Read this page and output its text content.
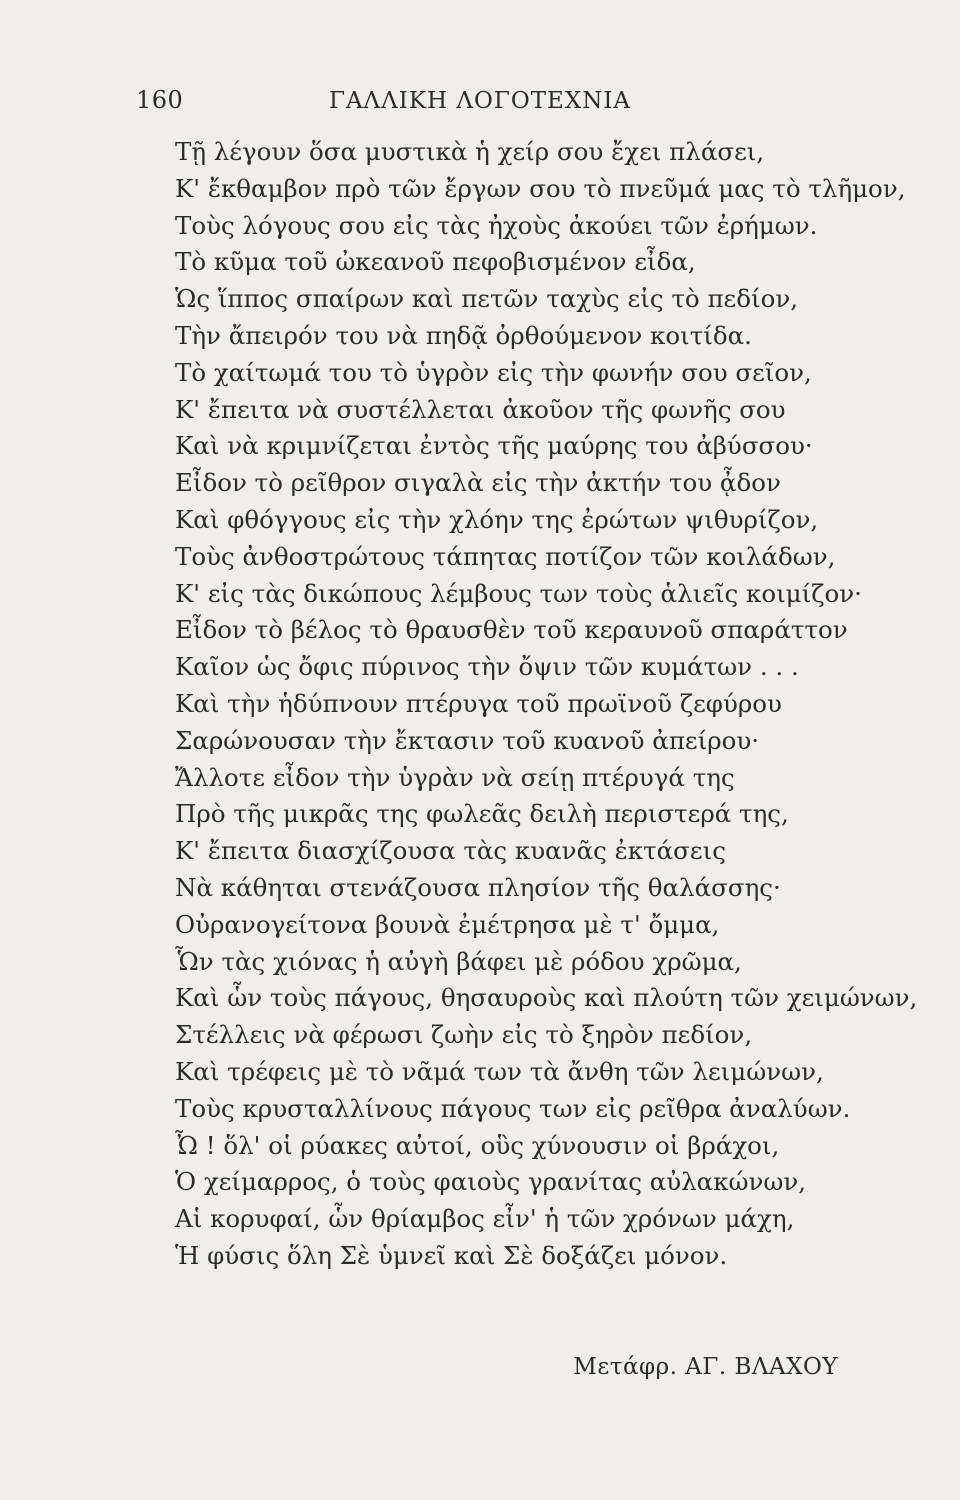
160	ΓΑΛΛΙΚΗ ΛΟΓΟΤΕΧΝΙΑ
Τῇ λέγουν ὅσα μυστικὰ ἡ χείρ σου ἔχει πλάσει,
Κ' ἔκθαμβον πρὸ τῶν ἔργων σου τὸ πνεῦμά μας τὸ τλῆμον,
Τοὺς λόγους σου εἰς τὰς ἠχοὺς ἀκούει τῶν ἐρήμων.
Τὸ κῦμα τοῦ ὠκεανοῦ πεφοβισμένον εἶδα,
Ὡς ἵππος σπαίρων καὶ πετῶν ταχὺς εἰς τὸ πεδίον,
Τὴν ἄπειρόν του νὰ πηδᾷ ὀρθούμενον κοιτίδα.
Τὸ χαίτωμά του τὸ ὑγρὸν εἰς τὴν φωνήν σου σεῖον,
Κ' ἔπειτα νὰ συστέλλεται ἀκοῦον τῆς φωνῆς σου
Καὶ νὰ κριμνίζεται ἐντὸς τῆς μαύρης του ἀβύσσου·
Εἶδον τὸ ρεῖθρον σιγαλὰ εἰς τὴν ἀκτήν του ᾆδον
Καὶ φθόγγους εἰς τὴν χλόην της ἐρώτων ψιθυρίζον,
Τοὺς ἀνθοστρώτους τάπητας ποτίζον τῶν κοιλάδων,
Κ' εἰς τὰς δικώπους λέμβους των τοὺς ἁλιεῖς κοιμίζον·
Εἶδον τὸ βέλος τὸ θραυσθὲν τοῦ κεραυνοῦ σπαράττον
Καῖον ὡς ὄφις πύρινος τὴν ὄψιν τῶν κυμάτων . . .
Καὶ τὴν ἡδύπνουν πτέρυγα τοῦ πρωϊνοῦ ζεφύρου
Σαρώνουσαν τὴν ἔκτασιν τοῦ κυανοῦ ἀπείρου·
Ἄλλοτε εἶδον τὴν ὑγρὰν νὰ σείῃ πτέρυγά της
Πρὸ τῆς μικρᾶς της φωλεᾶς δειλὴ περιστερά της,
Κ' ἔπειτα διασχίζουσα τὰς κυανᾶς ἐκτάσεις
Νὰ κάθηται στενάζουσα πλησίον τῆς θαλάσσης·
Οὐρανογείτονα βουνὰ ἐμέτρησα μὲ τ' ὄμμα,
Ὧν τὰς χιόνας ἡ αὐγὴ βάφει μὲ ρόδου χρῶμα,
Καὶ ὧν τοὺς πάγους, θησαυροὺς καὶ πλούτη τῶν χειμώνων,
Στέλλεις νὰ φέρωσι ζωὴν εἰς τὸ ξηρὸν πεδίον,
Καὶ τρέφεις μὲ τὸ νᾶμά των τὰ ἄνθη τῶν λειμώνων,
Τοὺς κρυσταλλίνους πάγους των εἰς ρεῖθρα ἀναλύων.
Ὦ ! ὅλ' οἱ ρύακες αὐτοί, οὓς χύνουσιν οἱ βράχοι,
Ὁ χείμαρρος, ὁ τοὺς φαιοὺς γρανίτας αὐλακώνων,
Αἱ κορυφαί, ὧν θρίαμβος εἶν' ἡ τῶν χρόνων μάχη,
Ἡ φύσις ὅλη Σὲ ὑμνεῖ καὶ Σὲ δοξάζει μόνον.
Μετάφρ. ΑΓ. ΒΛΑΧΟΥ
